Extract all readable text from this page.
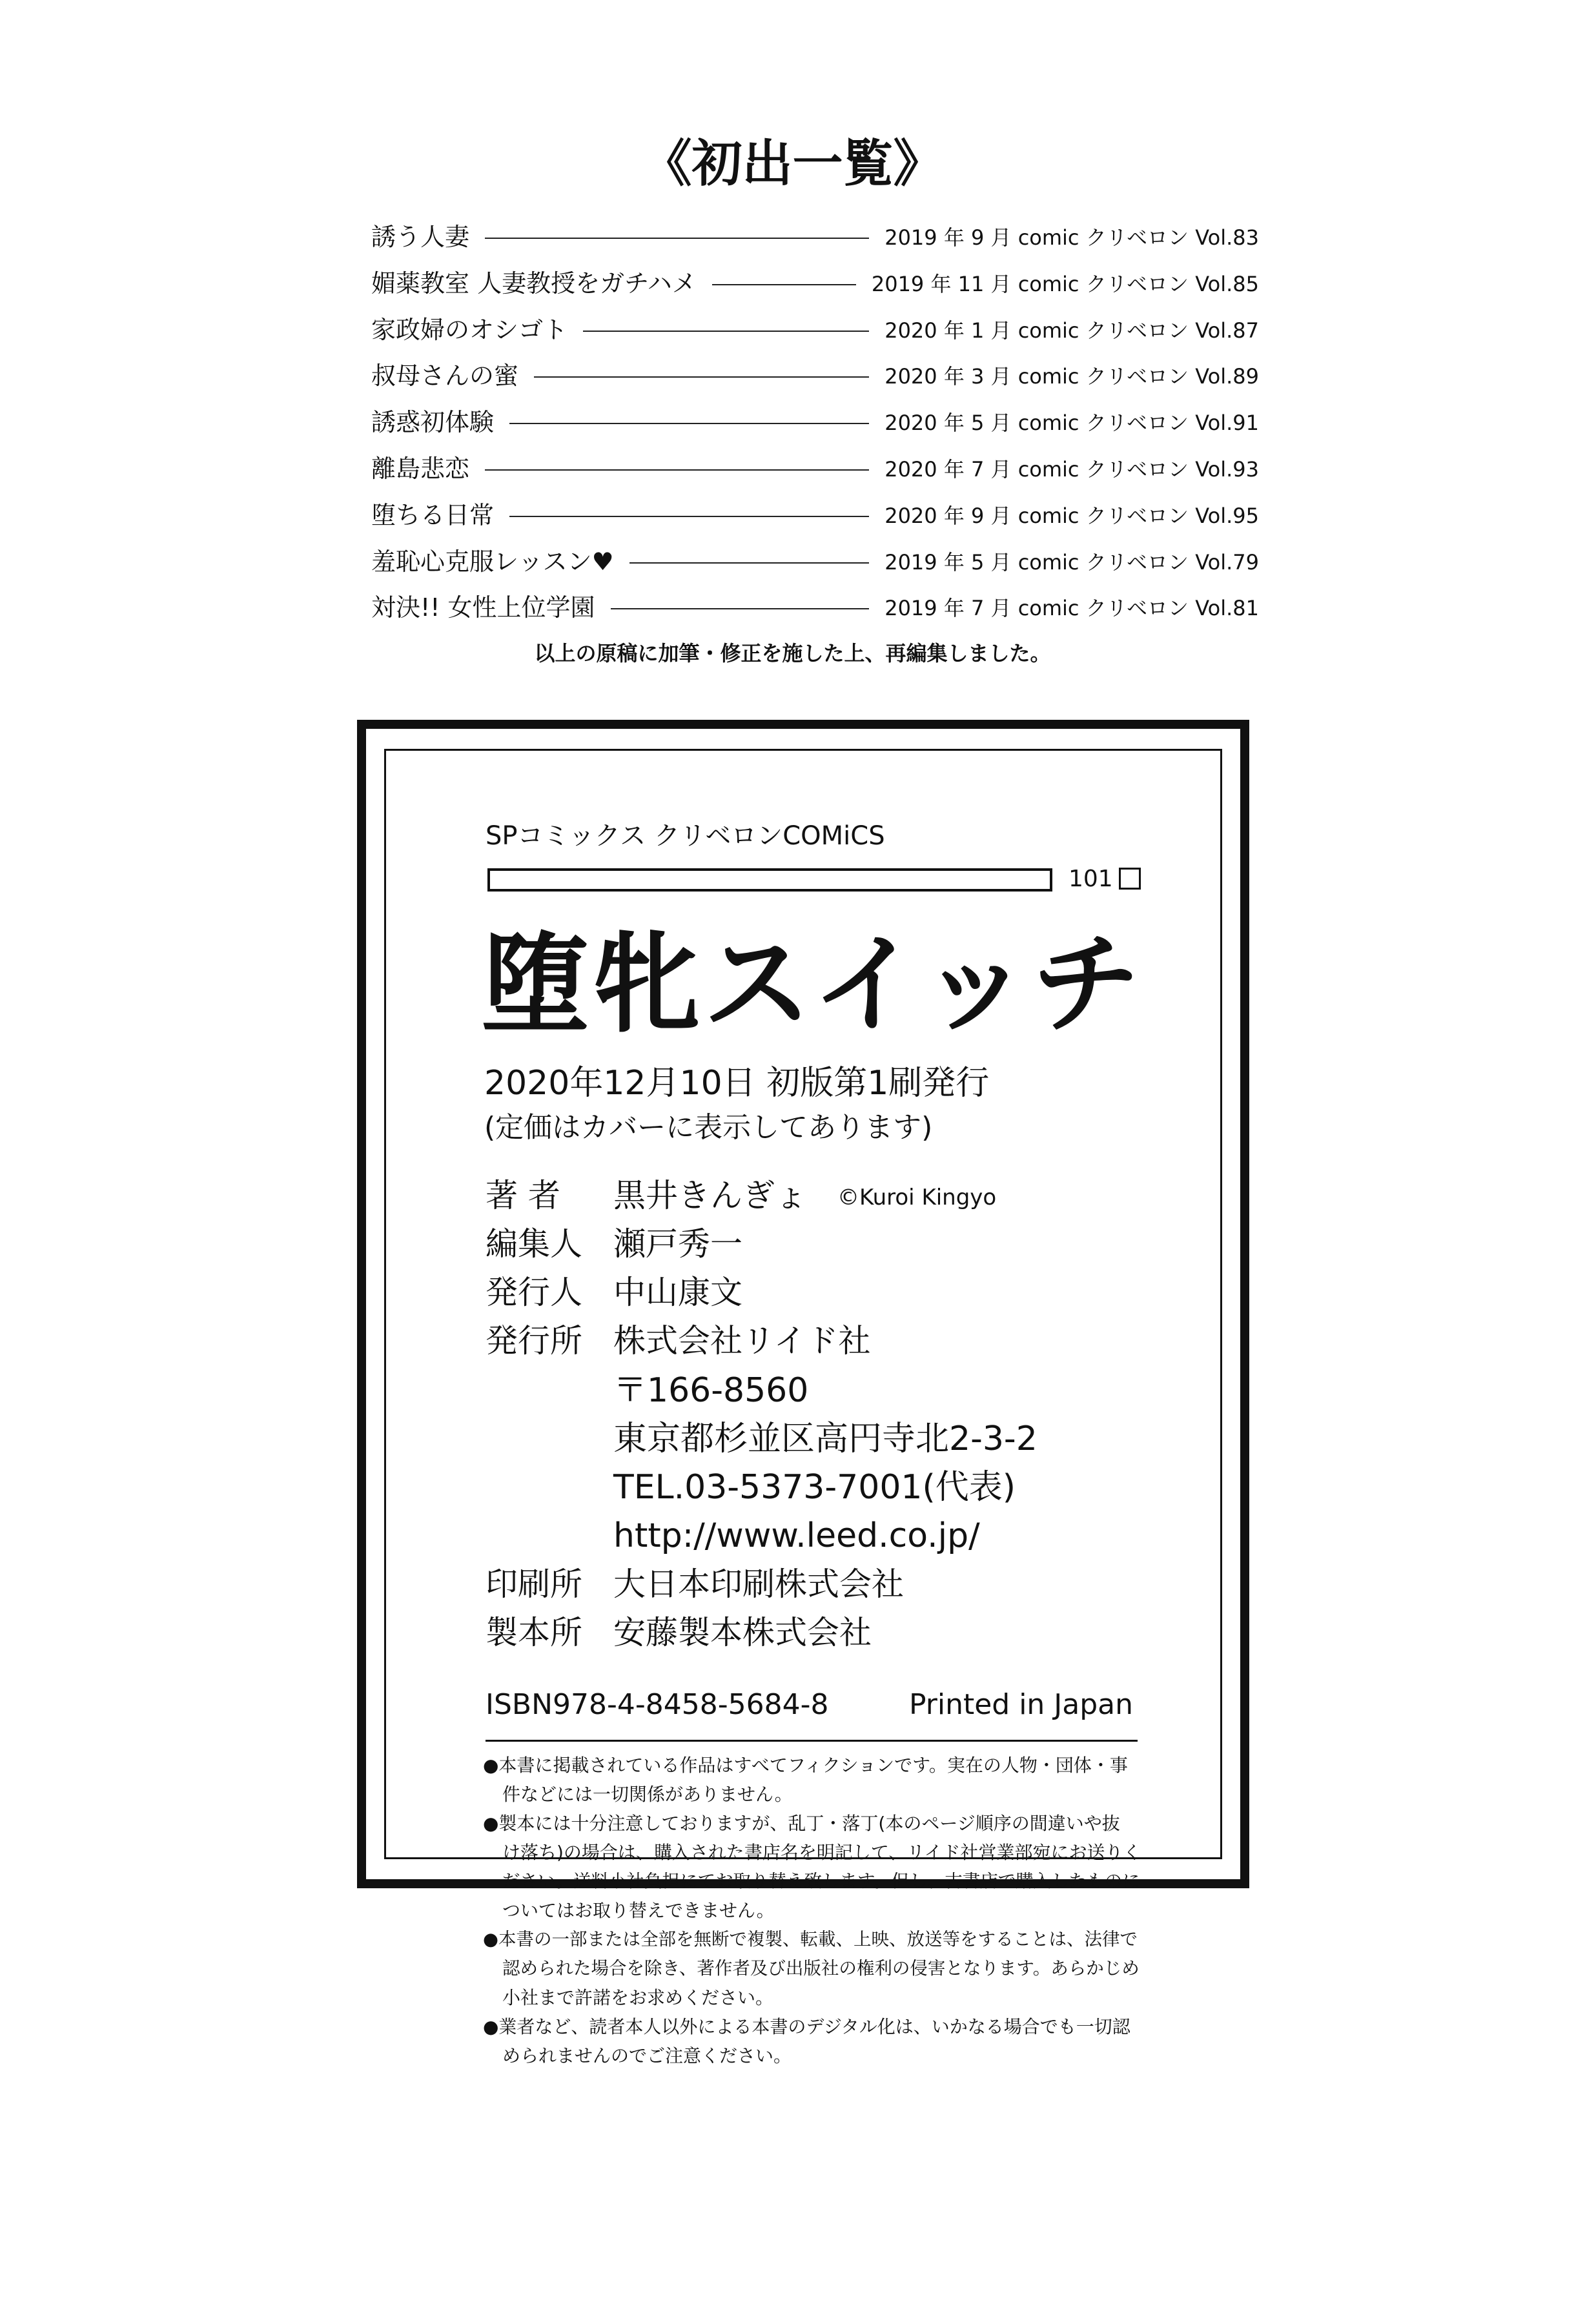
《初出一覧》
誘う人妻	2019 年 9 月 comic クリベロン Vol.83
媚薬教室 人妻教授をガチハメ	2019 年 11 月 comic クリベロン Vol.85
家政婦のオシゴト	2020 年 1 月 comic クリベロン Vol.87
叔母さんの蜜	2020 年 3 月 comic クリベロン Vol.89
誘惑初体験	2020 年 5 月 comic クリベロン Vol.91
離島悲恋	2020 年 7 月 comic クリベロン Vol.93
堕ちる日常	2020 年 9 月 comic クリベロン Vol.95
羞恥心克服レッスン♥	2019 年 5 月 comic クリベロン Vol.79
対決!! 女性上位学園	2019 年 7 月 comic クリベロン Vol.81
以上の原稿に加筆・修正を施した上、再編集しました。
SPコミックス クリベロンCOMiCS
101
堕牝スイッチ
2020年12月10日 初版第1刷発行
(定価はカバーに表示してあります)
著 者 黒井きんぎょ ©Kuroi Kingyo
編集人 瀬戸秀一
発行人 中山康文
発行所 株式会社リイド社
〒166-8560
東京都杉並区高円寺北2-3-2
TEL.03-5373-7001(代表)
http://www.leed.co.jp/
印刷所 大日本印刷株式会社
製本所 安藤製本株式会社
ISBN978-4-8458-5684-8	Printed in Japan
●本書に掲載されている作品はすべてフィクションです。実在の人物・団体・事
件などには一切関係がありません。
●製本には十分注意しておりますが、乱丁・落丁(本のページ順序の間違いや抜
け落ち)の場合は、購入された書店名を明記して、リイド社営業部宛にお送りく
ださい。送料小社負担にてお取り替え致します。但し、古書店で購入したものに
ついてはお取り替えできません。
●本書の一部または全部を無断で複製、転載、上映、放送等をすることは、法律で
認められた場合を除き、著作者及び出版社の権利の侵害となります。あらかじめ
小社まで許諾をお求めください。
●業者など、読者本人以外による本書のデジタル化は、いかなる場合でも一切認
められませんのでご注意ください。
